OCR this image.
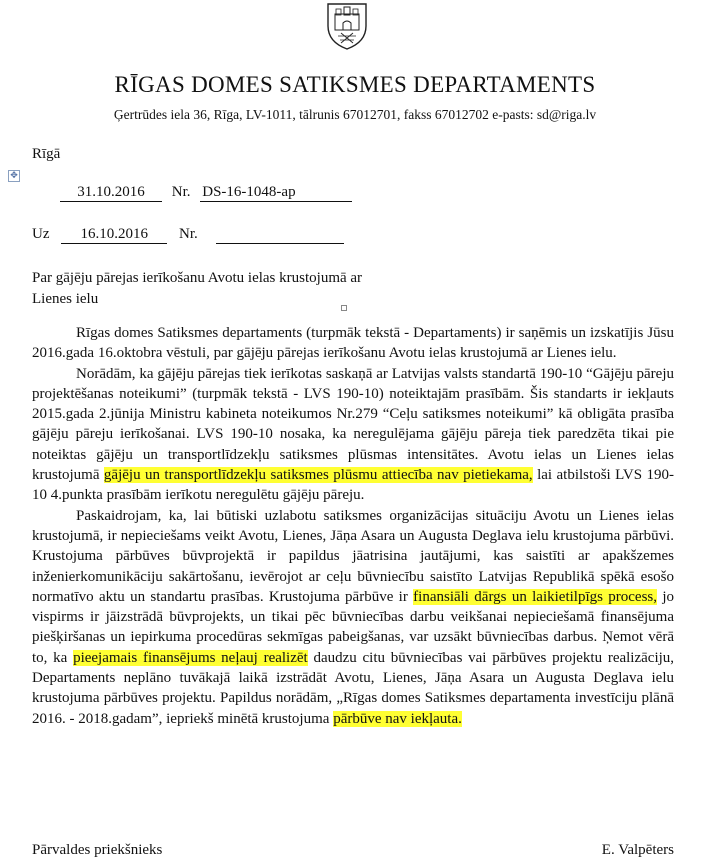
RĪGAS DOMES SATIKSMES DEPARTAMENTS
Ģertrūdes iela 36, Rīga, LV-1011, tālrunis 67012701, fakss 67012702 e-pasts: sd@riga.lv
Rīgā
✥
31.10.2016 Nr. DS-16-1048-ap
Uz 16.10.2016 Nr.
Par gājēju pārejas ierīkošanu Avotu ielas krustojumā ar Lienes ielu

Rīgas domes Satiksmes departaments (turpmāk tekstā - Departaments) ir saņēmis un izskatījis Jūsu 2016.gada 16.oktobra vēstuli, par gājēju pārejas ierīkošanu Avotu ielas krustojumā ar Lienes ielu.

Norādām, ka gājēju pārejas tiek ierīkotas saskaņā ar Latvijas valsts standartā 190-10 “Gājēju pāreju projektēšanas noteikumi” (turpmāk tekstā - LVS 190-10) noteiktajām prasībām. Šis standarts ir iekļauts 2015.gada 2.jūnija Ministru kabineta noteikumos Nr.279 “Ceļu satiksmes noteikumi” kā obligāta prasība gājēju pāreju ierīkošanai. LVS 190-10 nosaka, ka neregulējama gājēju pāreja tiek paredzēta tikai pie noteiktas gājēju un transportlīdzekļu satiksmes plūsmas intensitātes. Avotu ielas un Lienes ielas krustojumā gājēju un transportlīdzekļu satiksmes plūsmu attiecība nav pietiekama, lai atbilstoši LVS 190-10 4.punkta prasībām ierīkotu neregulētu gājēju pāreju.

Paskaidrojam, ka, lai būtiski uzlabotu satiksmes organizācijas situāciju Avotu un Lienes ielas krustojumā, ir nepieciešams veikt Avotu, Lienes, Jāņa Asara un Augusta Deglava ielu krustojuma pārbūvi. Krustojuma pārbūves būvprojektā ir papildus jāatrisina jautājumi, kas saistīti ar apakšzemes inženierkomunikāciju sakārtošanu, ievērojot ar ceļu būvniecību saistīto Latvijas Republikā spēkā esošo normatīvo aktu un standartu prasības. Krustojuma pārbūve ir finansiāli dārgs un laikietilpīgs process, jo vispirms ir jāizstrādā būvprojekts, un tikai pēc būvniecības darbu veikšanai nepieciešamā finansējuma piešķiršanas un iepirkuma procedūras sekmīgas pabeigšanas, var uzsākt būvniecības darbus. Ņemot vērā to, ka pieejamais finansējums neļauj realizēt daudzu citu būvniecības vai pārbūves projektu realizāciju, Departaments neplāno tuvākajā laikā izstrādāt Avotu, Lienes, Jāņa Asara un Augusta Deglava ielu krustojuma pārbūves projektu. Papildus norādām, „Rīgas domes Satiksmes departamenta investīciju plānā 2016. - 2018.gadam”, iepriekš minētā krustojuma pārbūve nav iekļauta.

Pārvaldes priekšnieks	E. Valpēters
